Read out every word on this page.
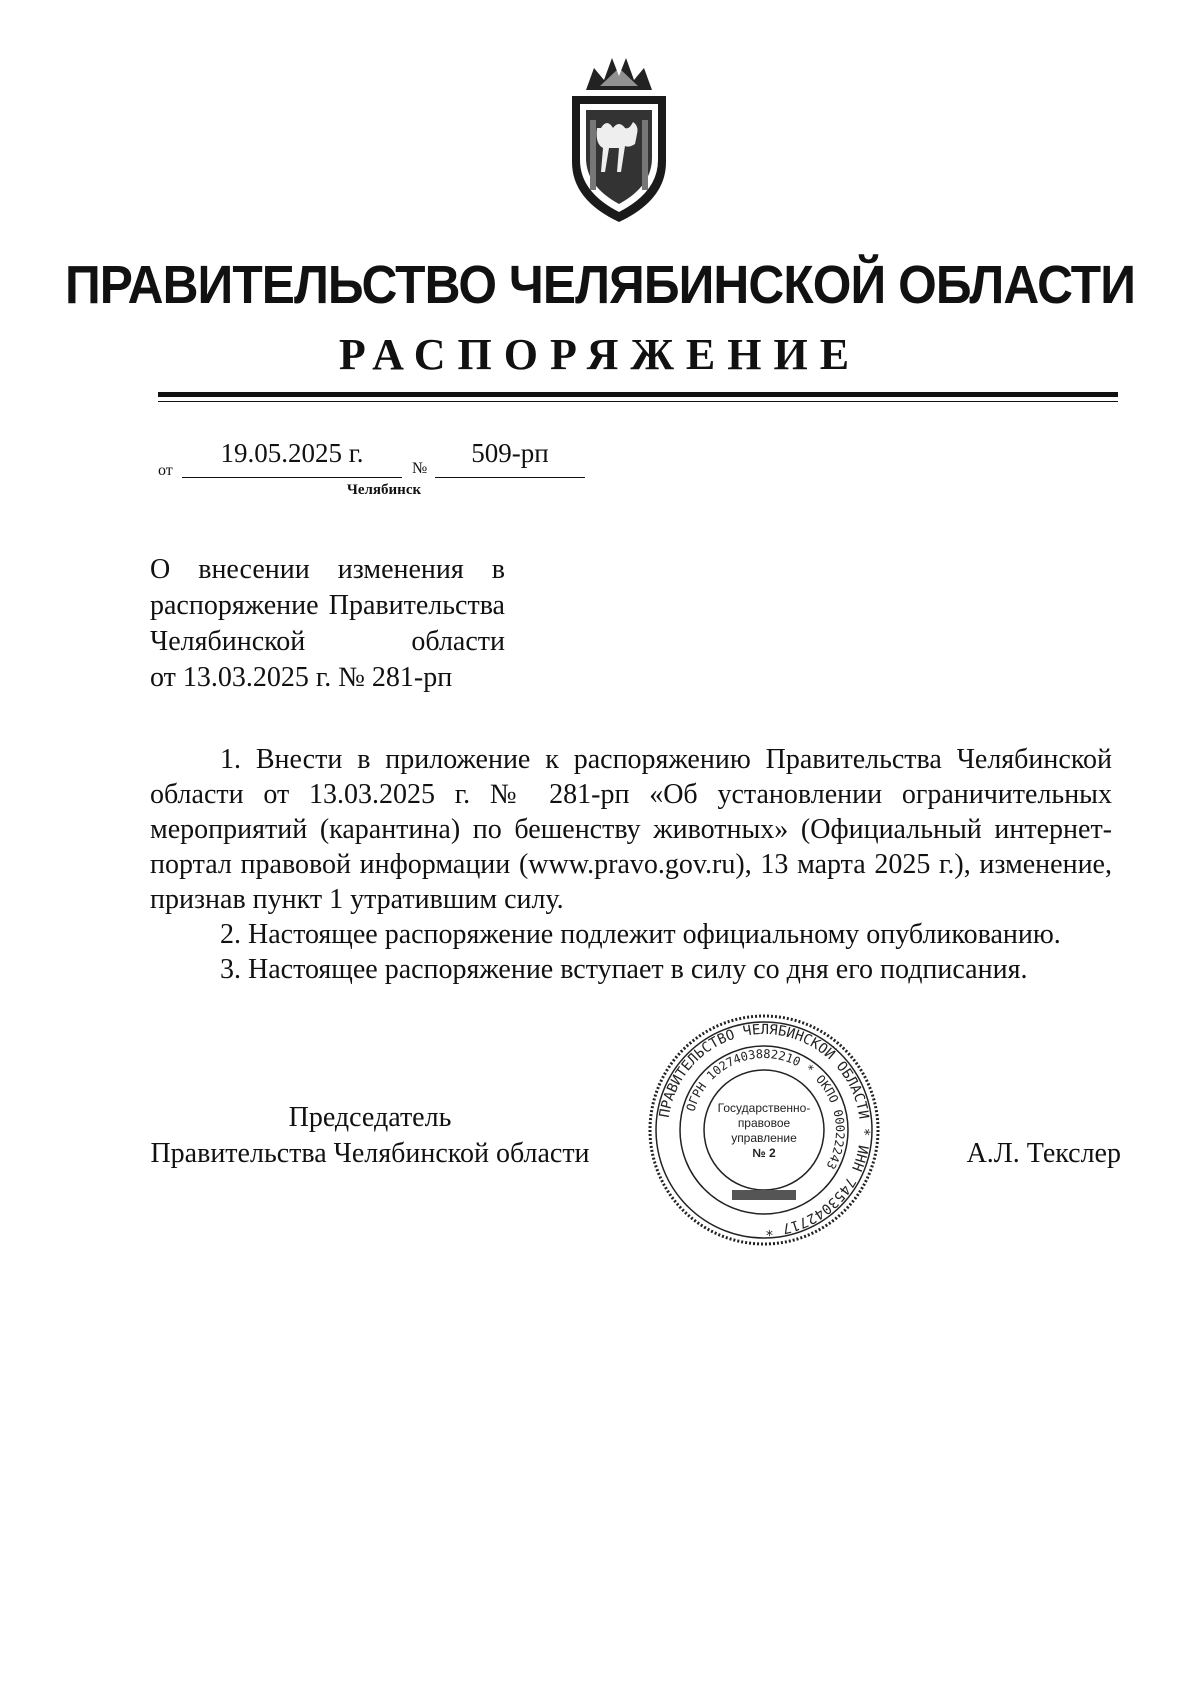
ПРАВИТЕЛЬСТВО ЧЕЛЯБИНСКОЙ ОБЛАСТИ
РАСПОРЯЖЕНИЕ
от
19.05.2025 г.
№
509-рп
Челябинск
О внесении изменения в
распоряжение Правительства
Челябинской области
от 13.03.2025 г. № 281-рп

1. Внести в приложение к распоряжению Правительства Челябинской области от 13.03.2025 г. № 281-рп «Об установлении ограничительных мероприятий (карантина) по бешенству животных» (Официальный интернет-портал правовой информации (www.pravo.gov.ru), 13 марта 2025 г.), изменение, признав пункт 1 утратившим силу.

2. Настоящее распоряжение подлежит официальному опубликованию.

3. Настоящее распоряжение вступает в силу со дня его подписания.

Председатель
Правительства Челябинской области	А.Л. Текслер
ПРАВИТЕЛЬСТВО ЧЕЛЯБИНСКОЙ ОБЛАСТИ * ИНН 7453042717 *
ОГРН 1027403882210 * ОКПО 00022243
Государственно-
правовое
управление
№ 2
